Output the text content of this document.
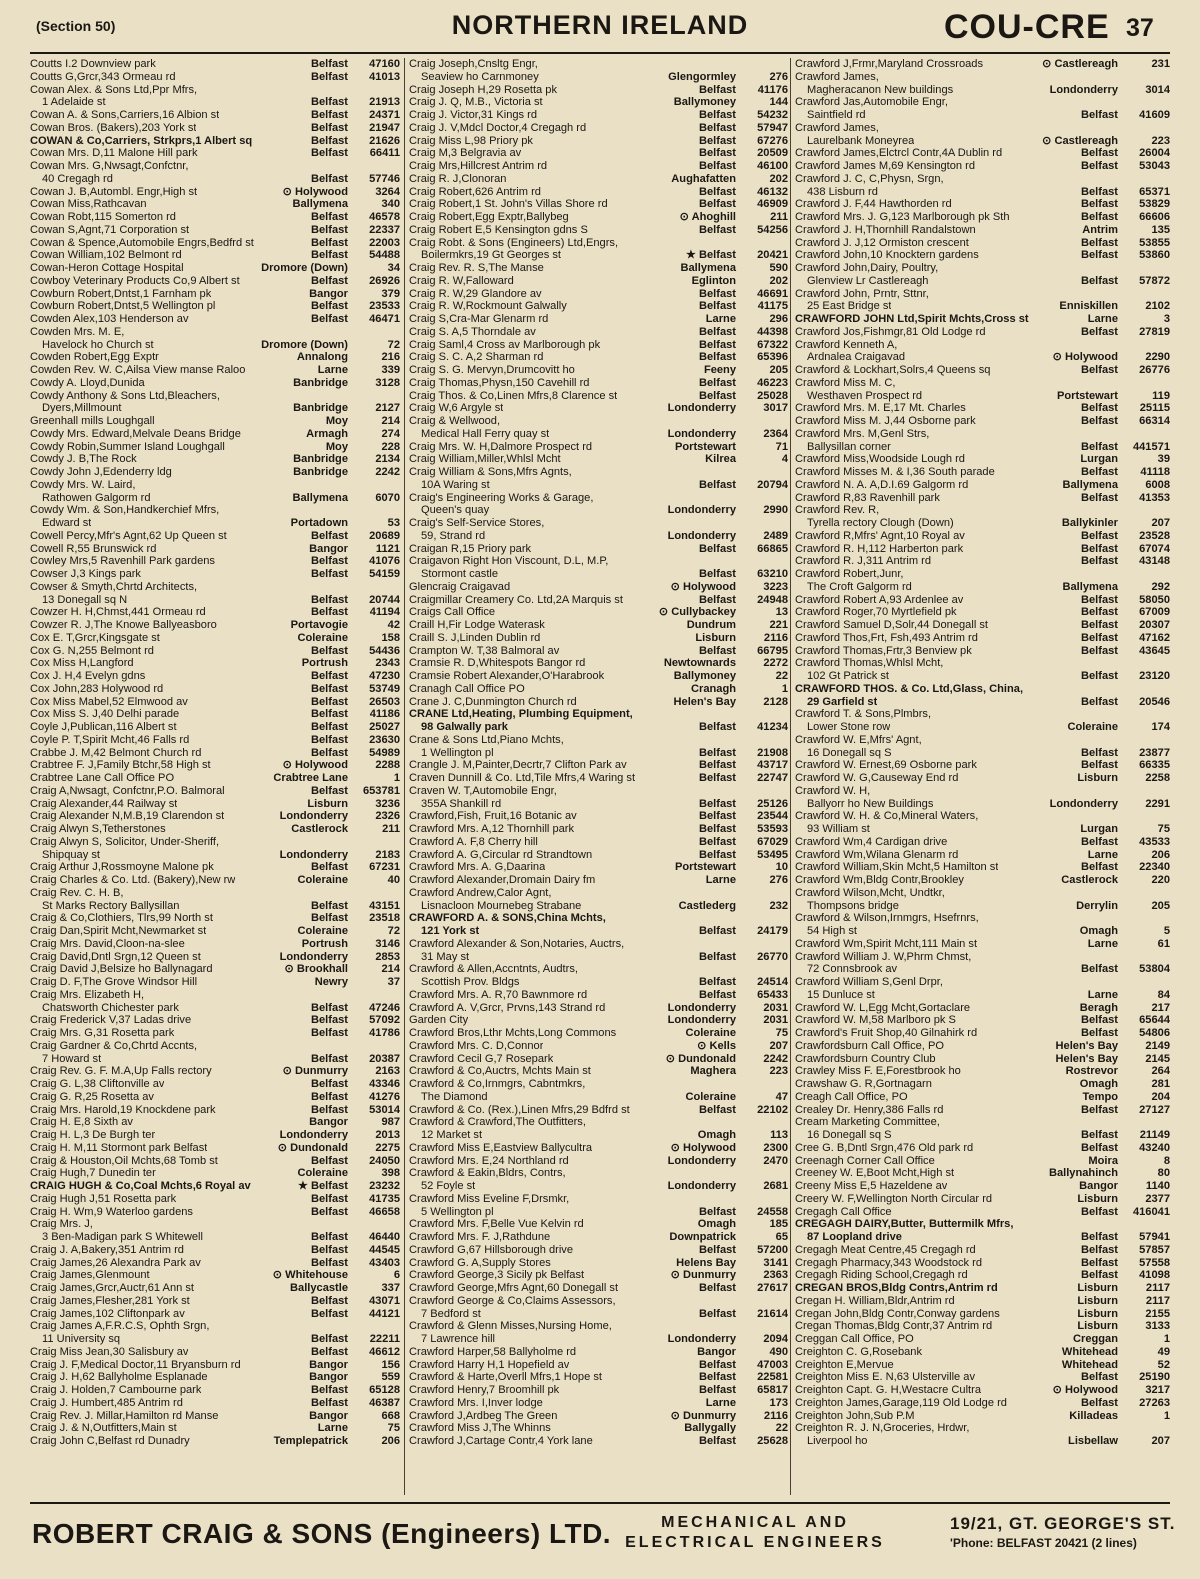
(Section 50)	NORTHERN IRELAND	COU-CRE 37
Coutts I.2 Downview park	Belfast	47160
Coutts G,Grcr,343 Ormeau rd	Belfast	41013
Cowan Alex. & Sons Ltd,Ppr Mfrs,
1 Adelaide st	Belfast	21913
Cowan A. & Sons,Carriers,16 Albion st	Belfast	24371
Cowan Bros. (Bakers),203 York st	Belfast	21947
COWAN & Co,Carriers, Strkprs,1 Albert sq	Belfast	21626
Cowan Mrs. D,11 Malone Hill park	Belfast	66411
Cowan Mrs. G,Nwsagt,Confctnr,
40 Cregagh rd	Belfast	57746
Cowan J. B,Autombl. Engr,High st	⊙ Holywood	3264
Cowan Miss,Rathcavan	Ballymena	340
Cowan Robt,115 Somerton rd	Belfast	46578
Cowan S,Agnt,71 Corporation st	Belfast	22337
Cowan & Spence,Automobile Engrs,Bedfrd st	Belfast	22003
Cowan William,102 Belmont rd	Belfast	54488
Cowan-Heron Cottage Hospital	Dromore (Down)	34
Cowboy Veterinary Products Co,9 Albert st	Belfast	26926
Cowburn Robert,Dntst,1 Farnham pk	Bangor	379
Cowburn Robert,Dntst,5 Wellington pl	Belfast	23533
Cowden Alex,103 Henderson av	Belfast	46471
Cowden Mrs. M. E,
Havelock ho Church st	Dromore (Down)	72
Cowden Robert,Egg Exptr	Annalong	216
Cowden Rev. W. C,Ailsa View manse Raloo	Larne	339
Cowdy A. Lloyd,Dunida	Banbridge	3128
Cowdy Anthony & Sons Ltd,Bleachers,
Dyers,Millmount	Banbridge	2127
Greenhall mills Loughgall	Moy	214
Cowdy Mrs. Edward,Melvale Deans Bridge	Armagh	274
Cowdy Robin,Summer Island Loughgall	Moy	228
Cowdy J. B,The Rock	Banbridge	2134
Cowdy John J,Edenderry ldg	Banbridge	2242
Cowdy Mrs. W. Laird,
Rathowen Galgorm rd	Ballymena	6070
Cowdy Wm. & Son,Handkerchief Mfrs,
Edward st	Portadown	53
Cowell Percy,Mfr's Agnt,62 Up Queen st	Belfast	20689
Cowell R,55 Brunswick rd	Bangor	1121
Cowley Mrs,5 Ravenhill Park gardens	Belfast	41076
Cowser J,3 Kings park	Belfast	54159
Cowser & Smyth,Chrtd Architects,
13 Donegall sq N	Belfast	20744
Cowzer H. H,Chmst,441 Ormeau rd	Belfast	41194
Cowzer R. J,The Knowe Ballyeasboro	Portavogie	42
Cox E. T,Grcr,Kingsgate st	Coleraine	158
Cox G. N,255 Belmont rd	Belfast	54436
Cox Miss H,Langford	Portrush	2343
Cox J. H,4 Evelyn gdns	Belfast	47230
Cox John,283 Holywood rd	Belfast	53749
Cox Miss Mabel,52 Elmwood av	Belfast	26503
Cox Miss S. J,40 Delhi parade	Belfast	41186
Coyle J,Publican,116 Albert st	Belfast	25027
Coyle P. T,Spirit Mcht,46 Falls rd	Belfast	23630
Crabbe J. M,42 Belmont Church rd	Belfast	54989
Crabtree F. J,Family Btchr,58 High st	⊙ Holywood	2288
Crabtree Lane Call Office PO	Crabtree Lane	1
Craig A,Nwsagt, Confctnr,P.O. Balmoral	Belfast	653781
Craig Alexander,44 Railway st	Lisburn	3236
Craig Alexander N,M.B,19 Clarendon st	Londonderry	2326
Craig Alwyn S,Tetherstones	Castlerock	211
Craig Alwyn S, Solicitor, Under-Sheriff,
Shipquay st	Londonderry	2183
Craig Arthur J,Rossmoyne Malone pk	Belfast	67231
Craig Charles & Co. Ltd. (Bakery),New rw	Coleraine	40
Craig Rev. C. H. B,
St Marks Rectory Ballysillan	Belfast	43151
Craig & Co,Clothiers, Tlrs,99 North st	Belfast	23518
Craig Dan,Spirit Mcht,Newmarket st	Coleraine	72
Craig Mrs. David,Cloon-na-slee	Portrush	3146
Craig David,Dntl Srgn,12 Queen st	Londonderry	2853
Craig David J,Belsize ho Ballynagard	⊙ Brookhall	214
Craig D. F,The Grove Windsor Hill	Newry	37
Craig Mrs. Elizabeth H,
Chatsworth Chichester park	Belfast	47246
Craig Frederick V,37 Ladas drive	Belfast	57092
Craig Mrs. G,31 Rosetta park	Belfast	41786
Craig Gardner & Co,Chrtd Accnts,
7 Howard st	Belfast	20387
Craig Rev. G. F. M.A,Up Falls rectory	⊙ Dunmurry	2163
Craig G. L,38 Cliftonville av	Belfast	43346
Craig G. R,25 Rosetta av	Belfast	41276
Craig Mrs. Harold,19 Knockdene park	Belfast	53014
Craig H. E,8 Sixth av	Bangor	987
Craig H. L,3 De Burgh ter	Londonderry	2013
Craig H. M,11 Stormont park Belfast	⊙ Dundonald	2275
Craig & Houston,Oil Mchts,68 Tomb st	Belfast	24050
Craig Hugh,7 Dunedin ter	Coleraine	398
CRAIG HUGH & Co,Coal Mchts,6 Royal av	★ Belfast	23232
Craig Hugh J,51 Rosetta park	Belfast	41735
Craig H. Wm,9 Waterloo gardens	Belfast	46658
Craig Mrs. J,
3 Ben-Madigan park S Whitewell	Belfast	46440
Craig J. A,Bakery,351 Antrim rd	Belfast	44545
Craig James,26 Alexandra Park av	Belfast	43403
Craig James,Glenmount	⊙ Whitehouse	6
Craig James,Grcr,Auctr,61 Ann st	Ballycastle	337
Craig James,Flesher,281 York st	Belfast	43071
Craig James,102 Cliftonpark av	Belfast	44121
Craig James A,F.R.C.S, Ophth Srgn,
11 University sq	Belfast	22211
Craig Miss Jean,30 Salisbury av	Belfast	46612
Craig J. F,Medical Doctor,11 Bryansburn rd	Bangor	156
Craig J. H,62 Ballyholme Esplanade	Bangor	559
Craig J. Holden,7 Cambourne park	Belfast	65128
Craig J. Humbert,485 Antrim rd	Belfast	46387
Craig Rev. J. Millar,Hamilton rd Manse	Bangor	668
Craig J. & N,Outfitters,Main st	Larne	75
Craig John C,Belfast rd Dunadry	Templepatrick	206
Craig Joseph,Cnsltg Engr,
Seaview ho Carnmoney	Glengormley	276
Craig Joseph H,29 Rosetta pk	Belfast	41176
Craig J. Q, M.B., Victoria st	Ballymoney	144
Craig J. Victor,31 Kings rd	Belfast	54232
Craig J. V,Mdcl Doctor,4 Cregagh rd	Belfast	57947
Craig Miss L,98 Priory pk	Belfast	67276
Craig M,3 Belgravia av	Belfast	20509
Craig Mrs,Hillcrest Antrim rd	Belfast	46100
Craig R. J,Clonoran	Aughafatten	202
Craig Robert,626 Antrim rd	Belfast	46132
Craig Robert,1 St. John's Villas Shore rd	Belfast	46909
Craig Robert,Egg Exptr,Ballybeg	⊙ Ahoghill	211
Craig Robert E,5 Kensington gdns S	Belfast	54256
Craig Robt. & Sons (Engineers) Ltd,Engrs,
Boilermkrs,19 Gt Georges st	★ Belfast	20421
Craig Rev. R. S,The Manse	Ballymena	590
Craig R. W,Falloward	Eglinton	202
Craig R. W,29 Glandore av	Belfast	46691
Craig R. W,Rockmount Galwally	Belfast	41175
Craig S,Cra-Mar Glenarm rd	Larne	296
Craig S. A,5 Thorndale av	Belfast	44398
Craig Saml,4 Cross av Marlborough pk	Belfast	67322
Craig S. C. A,2 Sharman rd	Belfast	65396
Craig S. G. Mervyn,Drumcovitt ho	Feeny	205
Craig Thomas,Physn,150 Cavehill rd	Belfast	46223
Craig Thos. & Co,Linen Mfrs,8 Clarence st	Belfast	25028
Craig W,6 Argyle st	Londonderry	3017
Craig & Wellwood,
Medical Hall Ferry quay st	Londonderry	2364
Craig Mrs. W. H,Dalmore Prospect rd	Portstewart	71
Craig William,Miller,Whlsl Mcht	Kilrea	4
Craig William & Sons,Mfrs Agnts,
10A Waring st	Belfast	20794
Craig's Engineering Works & Garage,
Queen's quay	Londonderry	2990
Craig's Self-Service Stores,
59, Strand rd	Londonderry	2489
Craigan R,15 Priory park	Belfast	66865
Craigavon Right Hon Viscount, D.L, M.P,
Stormont castle	Belfast	63210
Glencraig Craigavad	⊙ Holywood	3223
Craigmillar Creamery Co. Ltd,2A Marquis st	Belfast	24948
Craigs Call Office	⊙ Cullybackey	13
Craill H,Fir Lodge Waterask	Dundrum	221
Craill S. J,Linden Dublin rd	Lisburn	2116
Crampton W. T,38 Balmoral av	Belfast	66795
Cramsie R. D,Whitespots Bangor rd	Newtownards	2272
Cramsie Robert Alexander,O'Harabrook	Ballymoney	22
Cranagh Call Office PO	Cranagh	1
Crane J. C,Dunmington Church rd	Helen's Bay	2128
CRANE Ltd,Heating, Plumbing Equipment,
98 Galwally park	Belfast	41234
Crane & Sons Ltd,Piano Mchts,
1 Wellington pl	Belfast	21908
Crangle J. M,Painter,Decrtr,7 Clifton Park av	Belfast	43717
Craven Dunnill & Co. Ltd,Tile Mfrs,4 Waring st	Belfast	22747
Craven W. T,Automobile Engr,
355A Shankill rd	Belfast	25126
Crawford,Fish, Fruit,16 Botanic av	Belfast	23544
Crawford Mrs. A,12 Thornhill park	Belfast	53593
Crawford A. F,8 Cherry hill	Belfast	67029
Crawford A. G,Circular rd Strandtown	Belfast	53495
Crawford Mrs. A. G,Daarina	Portstewart	10
Crawford Alexander,Dromain Dairy fm	Larne	276
Crawford Andrew,Calor Agnt,
Lisnacloon Mournebeg Strabane	Castlederg	232
CRAWFORD A. & SONS,China Mchts,
121 York st	Belfast	24179
Crawford Alexander & Son,Notaries, Auctrs,
31 May st	Belfast	26770
Crawford & Allen,Accntnts, Audtrs,
Scottish Prov. Bldgs	Belfast	24514
Crawford Mrs. A. R,70 Bawnmore rd	Belfast	65433
Crawford A. V,Grcr, Prvns,143 Strand rd	Londonderry	2031
Garden City	Londonderry	2031
Crawford Bros,Lthr Mchts,Long Commons	Coleraine	75
Crawford Mrs. C. D,Connor	⊙ Kells	207
Crawford Cecil G,7 Rosepark	⊙ Dundonald	2242
Crawford & Co,Auctrs, Mchts Main st	Maghera	223
Crawford & Co,Irnmgrs, Cabntmkrs,
The Diamond	Coleraine	47
Crawford & Co. (Rex.),Linen Mfrs,29 Bdfrd st	Belfast	22102
Crawford & Crawford,The Outfitters,
12 Market st	Omagh	113
Crawford Miss E,Eastview Ballycultra	⊙ Holywood	2300
Crawford Mrs. E,24 Northland rd	Londonderry	2470
Crawford & Eakin,Bldrs, Contrs,
52 Foyle st	Londonderry	2681
Crawford Miss Eveline F,Drsmkr,
5 Wellington pl	Belfast	24558
Crawford Mrs. F,Belle Vue Kelvin rd	Omagh	185
Crawford Mrs. F. J,Rathdune	Downpatrick	65
Crawford G,67 Hillsborough drive	Belfast	57200
Crawford G. A,Supply Stores	Helens Bay	3141
Crawford George,3 Sicily pk Belfast	⊙ Dunmurry	2363
Crawford George,Mfrs Agnt,60 Donegall st	Belfast	27617
Crawford George & Co,Claims Assessors,
7 Bedford st	Belfast	21614
Crawford & Glenn Misses,Nursing Home,
7 Lawrence hill	Londonderry	2094
Crawford Harper,58 Ballyholme rd	Bangor	490
Crawford Harry H,1 Hopefield av	Belfast	47003
Crawford & Harte,Overll Mfrs,1 Hope st	Belfast	22581
Crawford Henry,7 Broomhill pk	Belfast	65817
Crawford Mrs. I,Inver lodge	Larne	173
Crawford J,Ardbeg The Green	⊙ Dunmurry	2116
Crawford Miss J,The Whinns	Ballygally	22
Crawford J,Cartage Contr,4 York lane	Belfast	25628
Crawford J,Frmr,Maryland Crossroads	⊙ Castlereagh	231
Crawford James,
Magheracanon New buildings	Londonderry	3014
Crawford Jas,Automobile Engr,
Saintfield rd	Belfast	41609
Crawford James,
Laurelbank Moneyrea	⊙ Castlereagh	223
Crawford James,Elctrcl Contr,4A Dublin rd	Belfast	26004
Crawford James M,69 Kensington rd	Belfast	53043
Crawford J. C, C,Physn, Srgn,
438 Lisburn rd	Belfast	65371
Crawford J. F,44 Hawthorden rd	Belfast	53829
Crawford Mrs. J. G,123 Marlborough pk Sth	Belfast	66606
Crawford J. H,Thornhill Randalstown	Antrim	135
Crawford J. J,12 Ormiston crescent	Belfast	53855
Crawford John,10 Knocktern gardens	Belfast	53860
Crawford John,Dairy, Poultry,
Glenview Lr Castlereagh	Belfast	57872
Crawford John, Prntr, Sttnr,
25 East Bridge st	Enniskillen	2102
CRAWFORD JOHN Ltd,Spirit Mchts,Cross st	Larne	3
Crawford Jos,Fishmgr,81 Old Lodge rd	Belfast	27819
Crawford Kenneth A,
Ardnalea Craigavad	⊙ Holywood	2290
Crawford & Lockhart,Solrs,4 Queens sq	Belfast	26776
Crawford Miss M. C,
Westhaven Prospect rd	Portstewart	119
Crawford Mrs. M. E,17 Mt. Charles	Belfast	25115
Crawford Miss M. J,44 Osborne park	Belfast	66314
Crawford Mrs. M,Genl Strs,
Ballysillan corner	Belfast	441571
Crawford Miss,Woodside Lough rd	Lurgan	39
Crawford Misses M. & I,36 South parade	Belfast	41118
Crawford N. A. A,D.I.69 Galgorm rd	Ballymena	6008
Crawford R,83 Ravenhill park	Belfast	41353
Crawford Rev. R,
Tyrella rectory Clough (Down)	Ballykinler	207
Crawford R,Mfrs' Agnt,10 Royal av	Belfast	23528
Crawford R. H,112 Harberton park	Belfast	67074
Crawford R. J,311 Antrim rd	Belfast	43148
Crawford Robert,Junr,
The Croft Galgorm rd	Ballymena	292
Crawford Robert A,93 Ardenlee av	Belfast	58050
Crawford Roger,70 Myrtlefield pk	Belfast	67009
Crawford Samuel D,Solr,44 Donegall st	Belfast	20307
Crawford Thos,Frt, Fsh,493 Antrim rd	Belfast	47162
Crawford Thomas,Frtr,3 Benview pk	Belfast	43645
Crawford Thomas,Whlsl Mcht,
102 Gt Patrick st	Belfast	23120
CRAWFORD THOS. & Co. Ltd,Glass, China,
29 Garfield st	Belfast	20546
Crawford T. & Sons,Plmbrs,
Lower Stone row	Coleraine	174
Crawford W. E,Mfrs' Agnt,
16 Donegall sq S	Belfast	23877
Crawford W. Ernest,69 Osborne park	Belfast	66335
Crawford W. G,Causeway End rd	Lisburn	2258
Crawford W. H,
Ballyorr ho New Buildings	Londonderry	2291
Crawford W. H. & Co,Mineral Waters,
93 William st	Lurgan	75
Crawford Wm,4 Cardigan drive	Belfast	43533
Crawford Wm,Wilana Glenarm rd	Larne	206
Crawford William,Skin Mcht,5 Hamilton st	Belfast	22340
Crawford Wm,Bldg Contr,Brookley	Castlerock	220
Crawford Wilson,Mcht, Undtkr,
Thompsons bridge	Derrylin	205
Crawford & Wilson,Irnmgrs, Hsefrnrs,
54 High st	Omagh	5
Crawford Wm,Spirit Mcht,111 Main st	Larne	61
Crawford William J. W,Phrm Chmst,
72 Connsbrook av	Belfast	53804
Crawford William S,Genl Drpr,
15 Dunluce st	Larne	84
Crawford W. L,Egg Mcht,Gortaclare	Beragh	217
Crawford W. M,58 Marlboro pk S	Belfast	65644
Crawford's Fruit Shop,40 Gilnahirk rd	Belfast	54806
Crawfordsburn Call Office, PO	Helen's Bay	2149
Crawfordsburn Country Club	Helen's Bay	2145
Crawley Miss F. E,Forestbrook ho	Rostrevor	264
Crawshaw G. R,Gortnagarn	Omagh	281
Creagh Call Office, PO	Tempo	204
Crealey Dr. Henry,386 Falls rd	Belfast	27127
Cream Marketing Committee,
16 Donegall sq S	Belfast	21149
Cree G. B,Dntl Srgn,476 Old park rd	Belfast	43240
Creenagh Corner Call Office	Moira	8
Creeney W. E,Boot Mcht,High st	Ballynahinch	80
Creeny Miss E,5 Hazeldene av	Bangor	1140
Creery W. F,Wellington North Circular rd	Lisburn	2377
Cregagh Call Office	Belfast	416041
CREGAGH DAIRY,Butter, Buttermilk Mfrs,
87 Loopland drive	Belfast	57941
Cregagh Meat Centre,45 Cregagh rd	Belfast	57857
Cregagh Pharmacy,343 Woodstock rd	Belfast	57558
Cregagh Riding School,Cregagh rd	Belfast	41098
CREGAN BROS,Bldg Contrs,Antrim rd	Lisburn	2117
Cregan H. William,Bldr,Antrim rd	Lisburn	2117
Cregan John,Bldg Contr,Conway gardens	Lisburn	2155
Cregan Thomas,Bldg Contr,37 Antrim rd	Lisburn	3133
Creggan Call Office, PO	Creggan	1
Creighton C. G,Rosebank	Whitehead	49
Creighton E,Mervue	Whitehead	52
Creighton Miss E. N,63 Ulsterville av	Belfast	25190
Creighton Capt. G. H,Westacre Cultra	⊙ Holywood	3217
Creighton James,Garage,119 Old Lodge rd	Belfast	27263
Creighton John,Sub P.M	Killadeas	1
Creighton R. J. N,Groceries, Hrdwr,
Liverpool ho	Lisbellaw	207
ROBERT CRAIG & SONS (Engineers) LTD.	MECHANICAL AND
ELECTRICAL ENGINEERS
19/21, GT. GEORGE'S ST.
'Phone: BELFAST 20421 (2 lines)
